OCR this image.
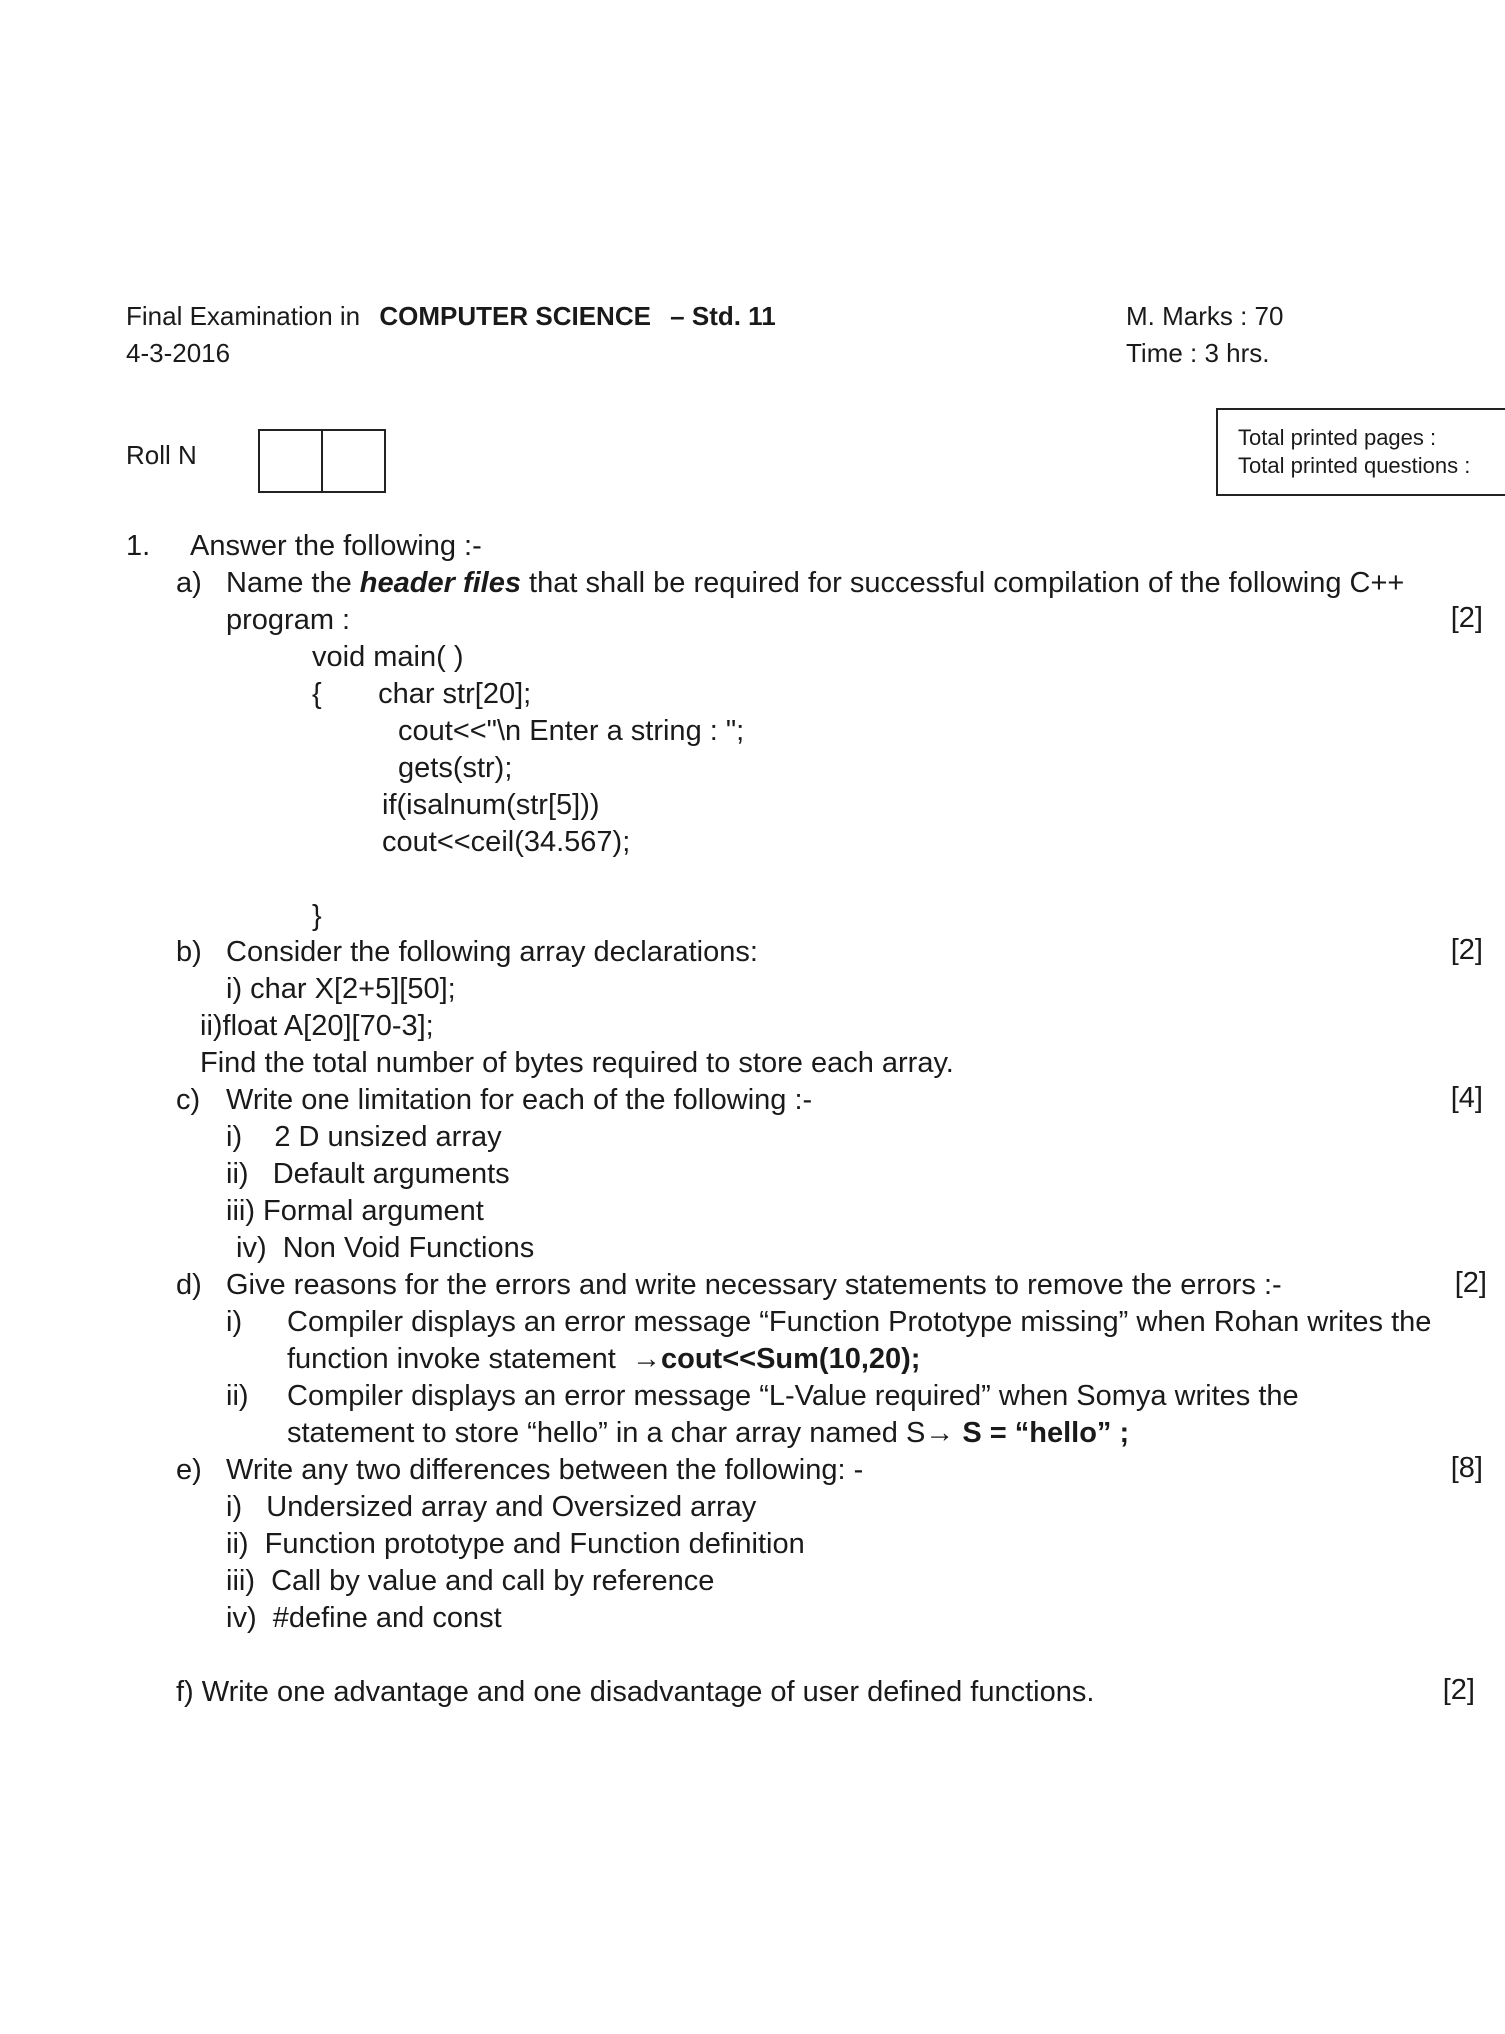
Final Examination in COMPUTER SCIENCE – Std. 11
4-3-2016
M. Marks : 70
Time : 3 hrs.
Roll N
Total printed pages :
Total printed questions :
1. Answer the following :-
a) Name the header files that shall be required for successful compilation of the following C++
program :	[2]
void main( )
{       char str[20];
cout<<"\n Enter a string : ";
gets(str);
if(isalnum(str[5]))
cout<<ceil(34.567);
}
b) Consider the following array declarations:	[2]
i) char X[2+5][50];
ii)float A[20][70-3];
Find the total number of bytes required to store each array.
c) Write one limitation for each of the following :-	[4]
i)    2 D unsized array
ii)   Default arguments
iii) Formal argument
iv)  Non Void Functions
d) Give reasons for the errors and write necessary statements to remove the errors :-	[2]
i) Compiler displays an error message “Function Prototype missing” when Rohan writes the
function invoke statement  →cout<<Sum(10,20);
ii) Compiler displays an error message “L-Value required” when Somya writes the
statement to store “hello” in a char array named S→ S = “hello” ;
e) Write any two differences between the following: -	[8]
i)   Undersized array and Oversized array
ii)  Function prototype and Function definition
iii)  Call by value and call by reference
iv)  #define and const
f) Write one advantage and one disadvantage of user defined functions.	[2]
